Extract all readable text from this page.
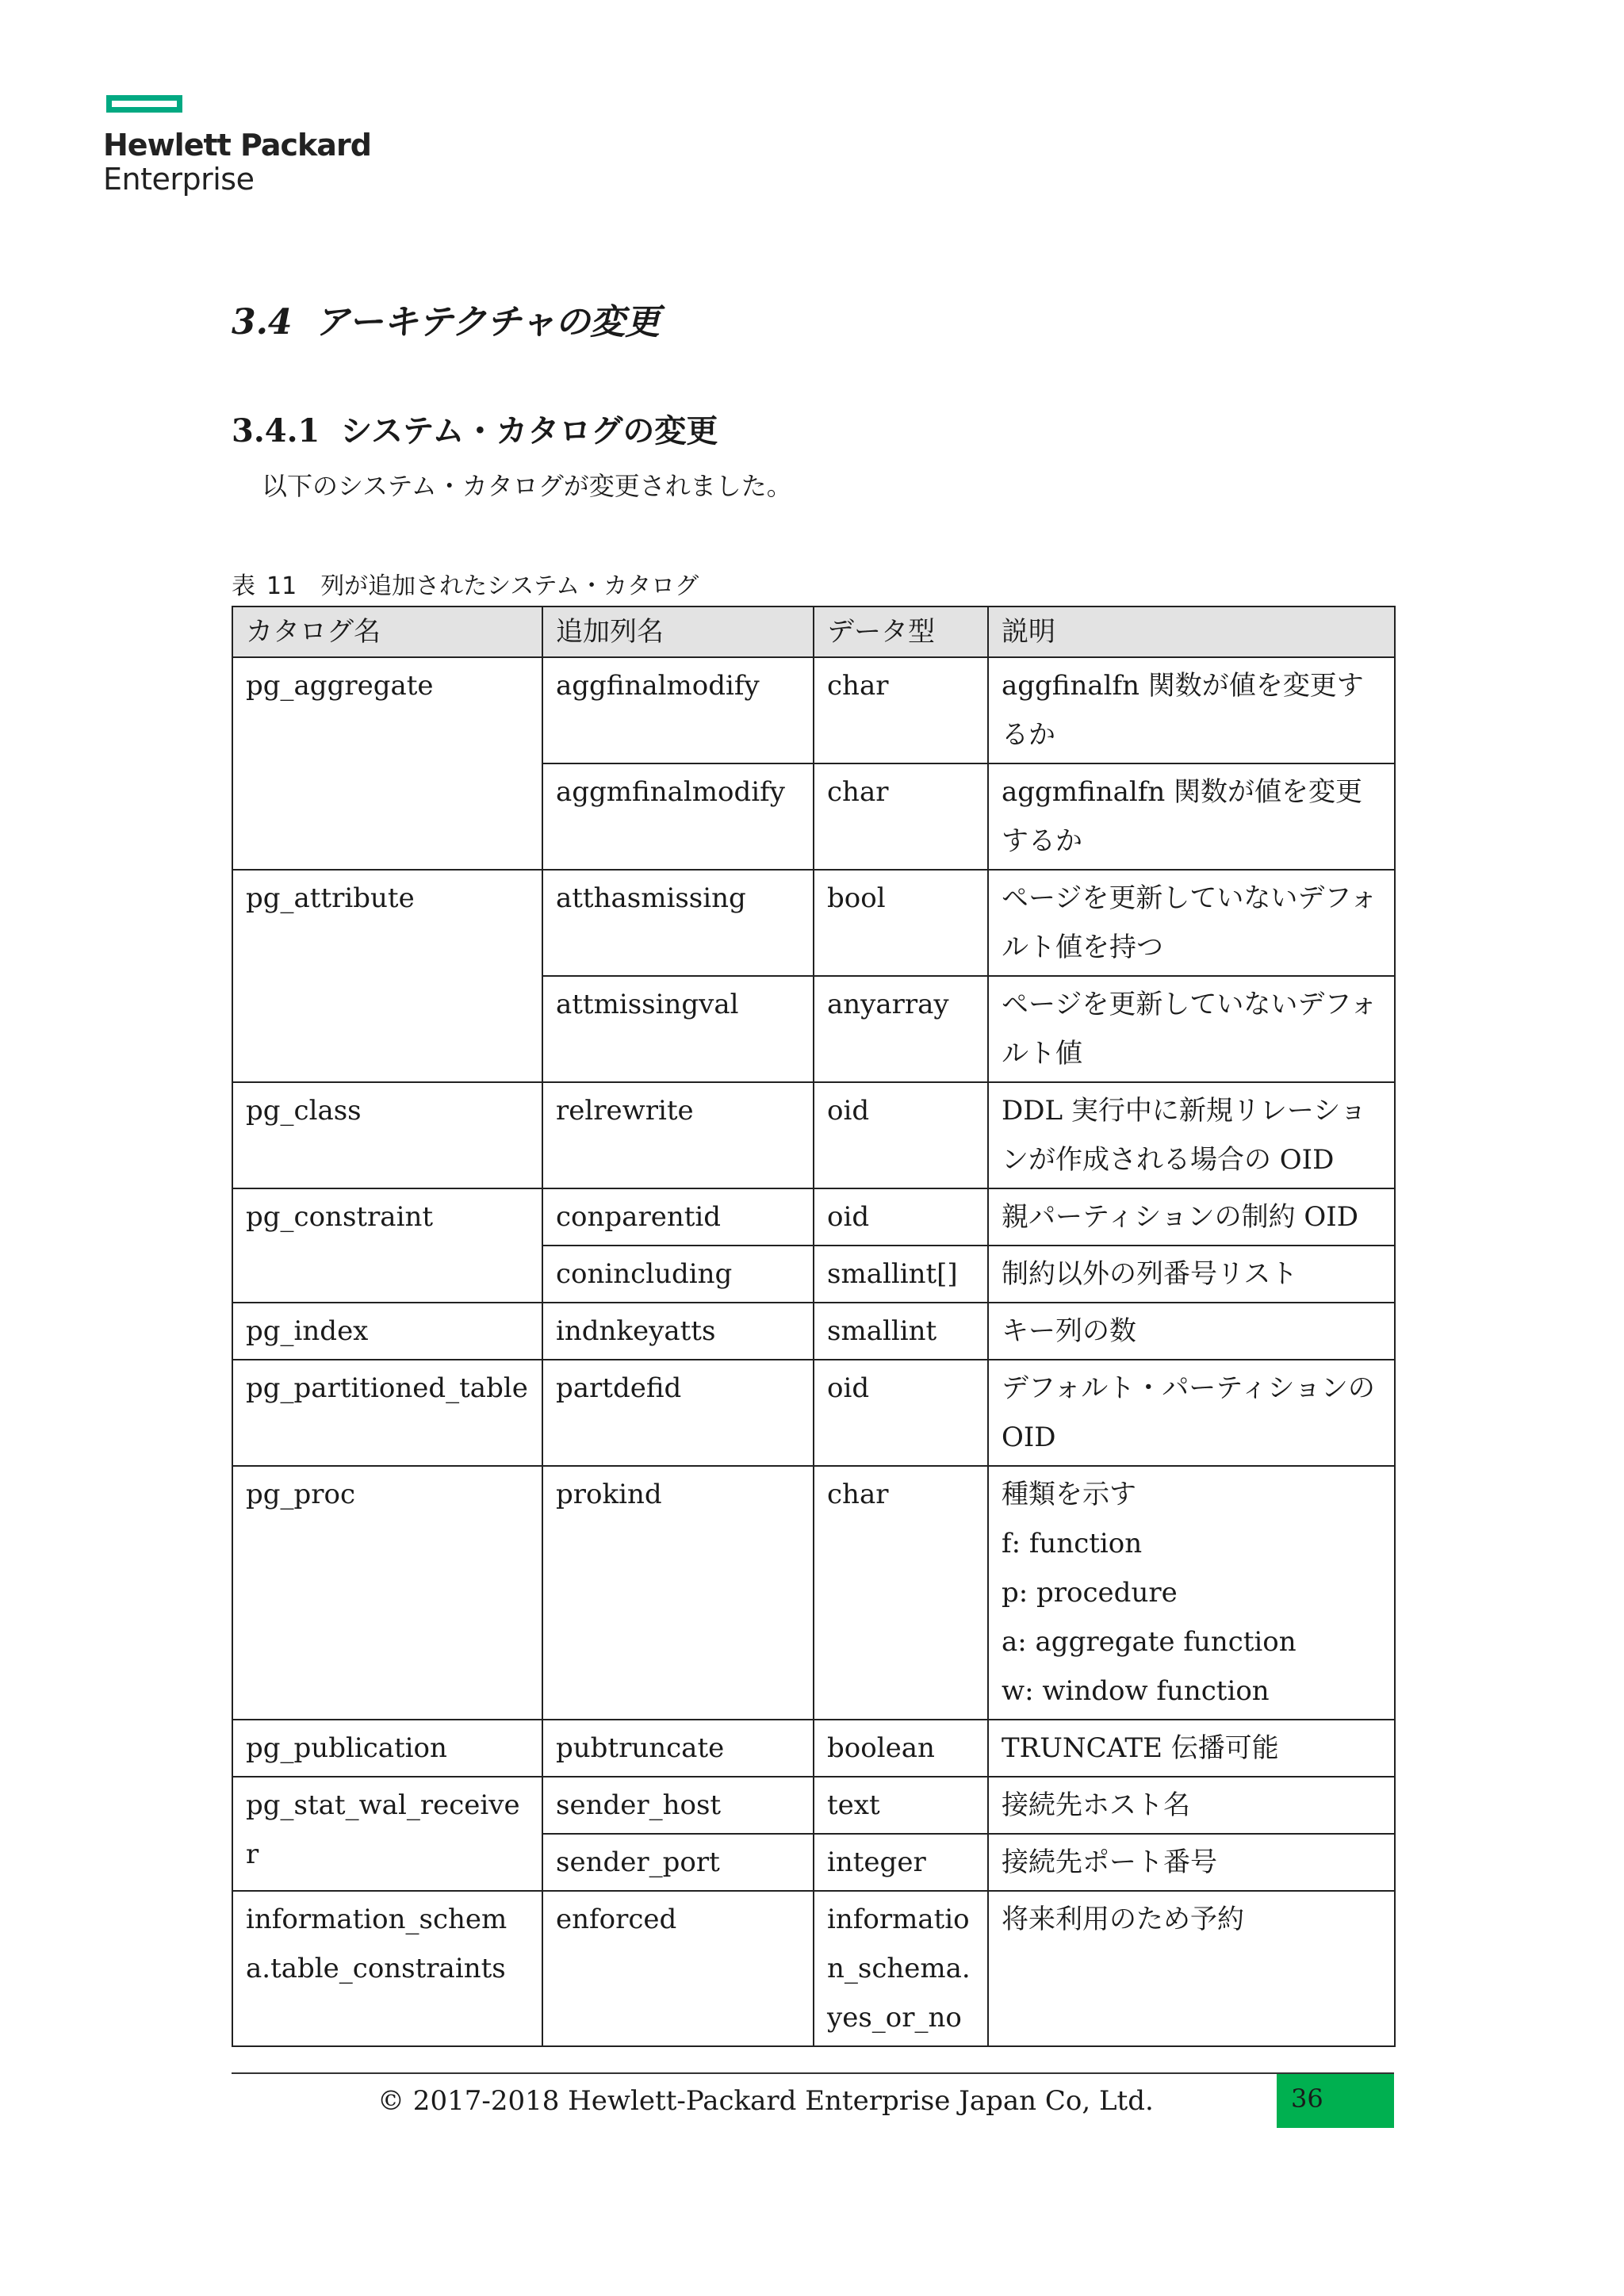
Hewlett Packard
Enterprise
3.4 アーキテクチャの変更
3.4.1 システム・カタログの変更
以下のシステム・カタログが変更されました。
表 11 列が追加されたシステム・カタログ
カタログ名	追加列名	データ型	説明
pg_aggregate	aggfinalmodify	char	aggfinalfn 関数が値を変更するか
	aggmfinalmodify	char	aggmfinalfn 関数が値を変更するか
pg_attribute	atthasmissing	bool	ページを更新していないデフォルト値を持つ
	attmissingval	anyarray	ページを更新していないデフォルト値
pg_class	relrewrite	oid	DDL 実行中に新規リレーションが作成される場合の OID
pg_constraint	conparentid	oid	親パーティションの制約 OID
	conincluding	smallint[]	制約以外の列番号リスト
pg_index	indnkeyatts	smallint	キー列の数
pg_partitioned_table	partdefid	oid	デフォルト・パーティションの OID
pg_proc	prokind	char	種類を示す
f: function
p: procedure
a: aggregate function
w: window function

pg_publication	pubtruncate	boolean	TRUNCATE 伝播可能
pg_stat_wal_receiver	sender_host	text	接続先ホスト名
	sender_port	integer	接続先ポート番号
information_schema.table_constraints	enforced	information_schema.yes_or_no	将来利用のため予約
© 2017-2018 Hewlett-Packard Enterprise Japan Co, Ltd.	36
